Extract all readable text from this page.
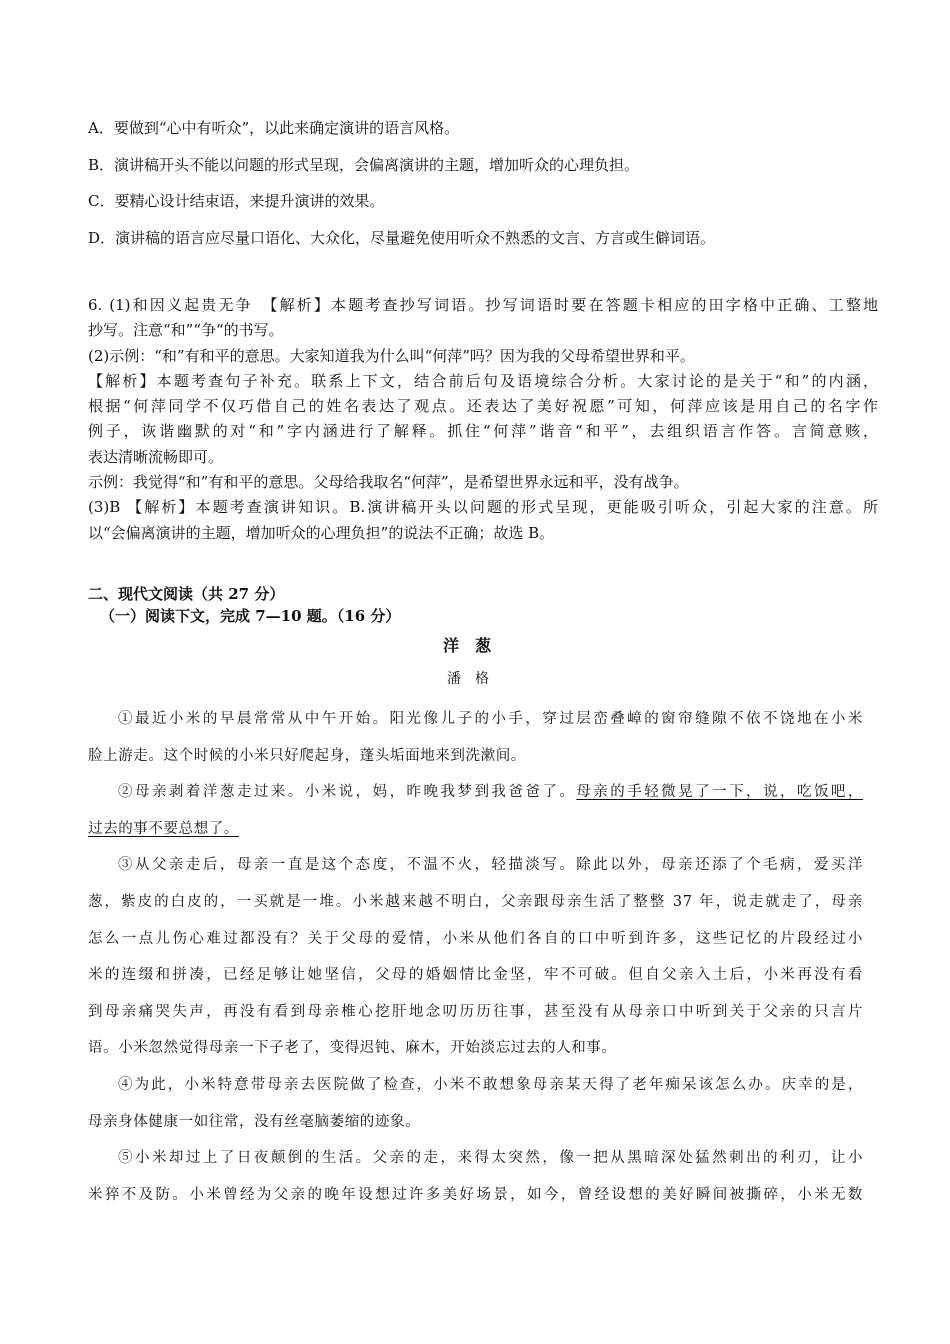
A．要做到“心中有听众”，以此来确定演讲的语言风格。
B．演讲稿开头不能以问题的形式呈现，会偏离演讲的主题，增加听众的心理负担。
C．要精心设计结束语，来提升演讲的效果。
D．演讲稿的语言应尽量口语化、大众化，尽量避免使用听众不熟悉的文言、方言或生僻词语。

6. (1)和因义起贵无争　【解析】本题考查抄写词语。抄写词语时要在答题卡相应的田字格中正确、工整地

抄写。注意“和”“争“的书写。

(2)示例：“和”有和平的意思。大家知道我为什么叫“何萍”吗？因为我的父母希望世界和平。

【解析】本题考查句子补充。联系上下文，结合前后句及语境综合分析。大家讨论的是关于“和”的内涵，

根据“何萍同学不仅巧借自己的姓名表达了观点。还表达了美好祝愿”可知，何萍应该是用自己的名字作

例子，诙谐幽默的对“和”字内涵进行了解释。抓住“何萍”谐音“和平”，去组织语言作答。言简意赅，

表达清晰流畅即可。

示例：我觉得“和”有和平的意思。父母给我取名“何萍”，是希望世界永远和平，没有战争。

(3)B 【解析】本题考查演讲知识。B.演讲稿开头以问题的形式呈现，更能吸引听众，引起大家的注意。所

以“会偏离演讲的主题，增加听众的心理负担”的说法不正确；故选 B。

二、现代文阅读（共 27 分）

（一）阅读下文，完成 7—10 题。（16 分）

洋葱
潘格

①最近小米的早晨常常从中午开始。阳光像儿子的小手，穿过层峦叠嶂的窗帘缝隙不依不饶地在小米

脸上游走。这个时候的小米只好爬起身，蓬头垢面地来到洗漱间。

②母亲剥着洋葱走过来。小米说，妈，昨晚我梦到我爸爸了。母亲的手轻微晃了一下，说，吃饭吧，

过去的事不要总想了。

③从父亲走后，母亲一直是这个态度，不温不火，轻描淡写。除此以外，母亲还添了个毛病，爱买洋

葱，紫皮的白皮的，一买就是一堆。小米越来越不明白，父亲跟母亲生活了整整 37 年，说走就走了，母亲

怎么一点儿伤心难过都没有？关于父母的爱情，小米从他们各自的口中听到许多，这些记忆的片段经过小

米的连缀和拼凑，已经足够让她坚信，父母的婚姻情比金坚，牢不可破。但自父亲入土后，小米再没有看

到母亲痛哭失声，再没有看到母亲椎心挖肝地念叨历历往事，甚至没有从母亲口中听到关于父亲的只言片

语。小米忽然觉得母亲一下子老了，变得迟钝、麻木，开始淡忘过去的人和事。

④为此，小米特意带母亲去医院做了检查，小米不敢想象母亲某天得了老年痴呆该怎么办。庆幸的是，

母亲身体健康一如往常，没有丝毫脑萎缩的迹象。

⑤小米却过上了日夜颠倒的生活。父亲的走，来得太突然，像一把从黑暗深处猛然刺出的利刃，让小

米猝不及防。小米曾经为父亲的晚年设想过许多美好场景，如今，曾经设想的美好瞬间被撕碎，小米无数
